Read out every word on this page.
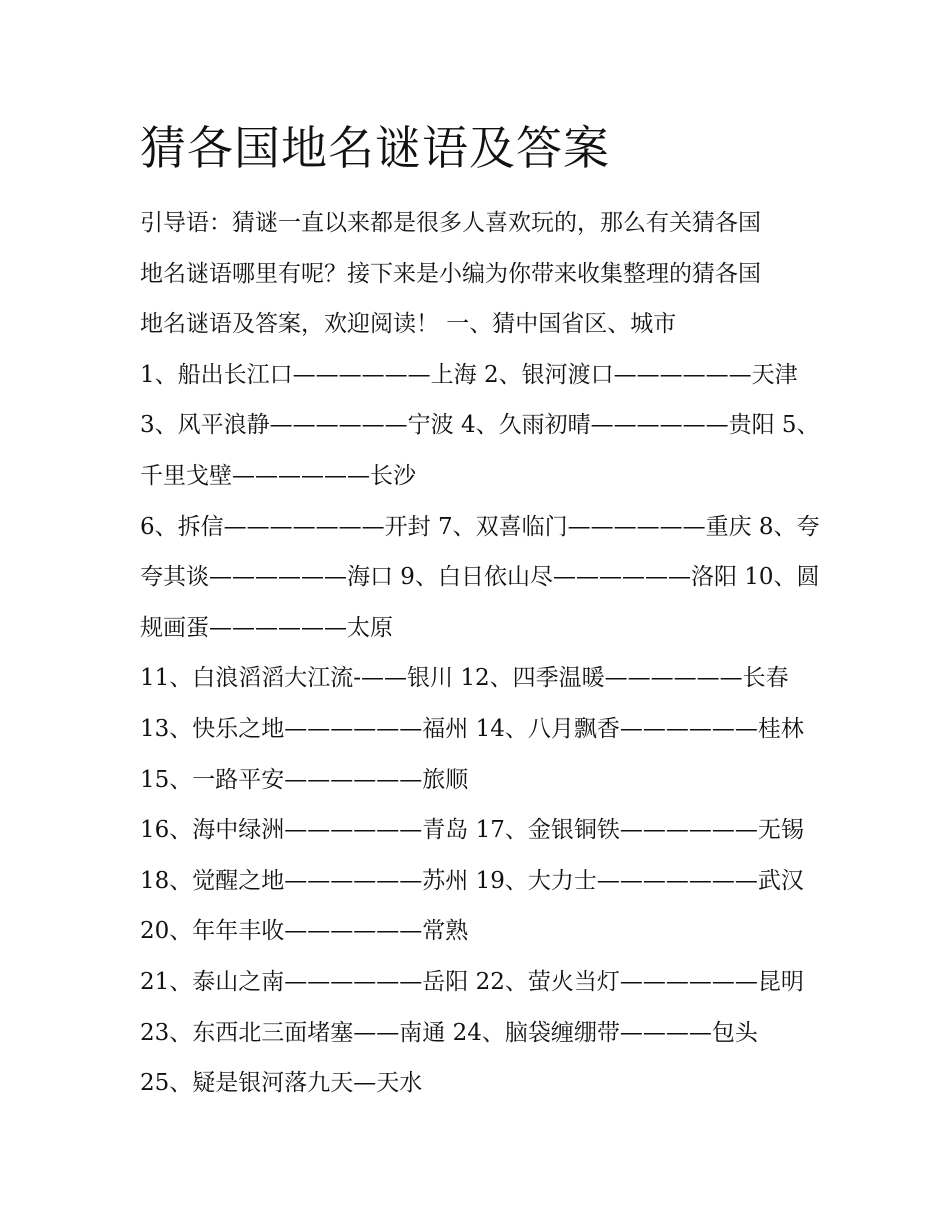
猜各国地名谜语及答案
引导语：猜谜一直以来都是很多人喜欢玩的，那么有关猜各国
地名谜语哪里有呢？接下来是小编为你带来收集整理的猜各国
地名谜语及答案，欢迎阅读！ 一、猜中国省区、城市
1、船出长江口——————上海 2、银河渡口——————天津
3、风平浪静——————宁波 4、久雨初晴——————贵阳 5、
千里戈壁——————长沙
6、拆信———————开封 7、双喜临门——————重庆 8、夸
夸其谈——————海口 9、白日依山尽——————洛阳 10、圆
规画蛋——————太原
11、白浪滔滔大江流-——银川 12、四季温暖——————长春
13、快乐之地——————福州 14、八月飘香——————桂林
15、一路平安——————旅顺
16、海中绿洲——————青岛 17、金银铜铁——————无锡
18、觉醒之地——————苏州 19、大力士———————武汉
20、年年丰收——————常熟
21、泰山之南——————岳阳 22、萤火当灯——————昆明
23、东西北三面堵塞——南通 24、脑袋缠绷带————包头
25、疑是银河落九天—天水
